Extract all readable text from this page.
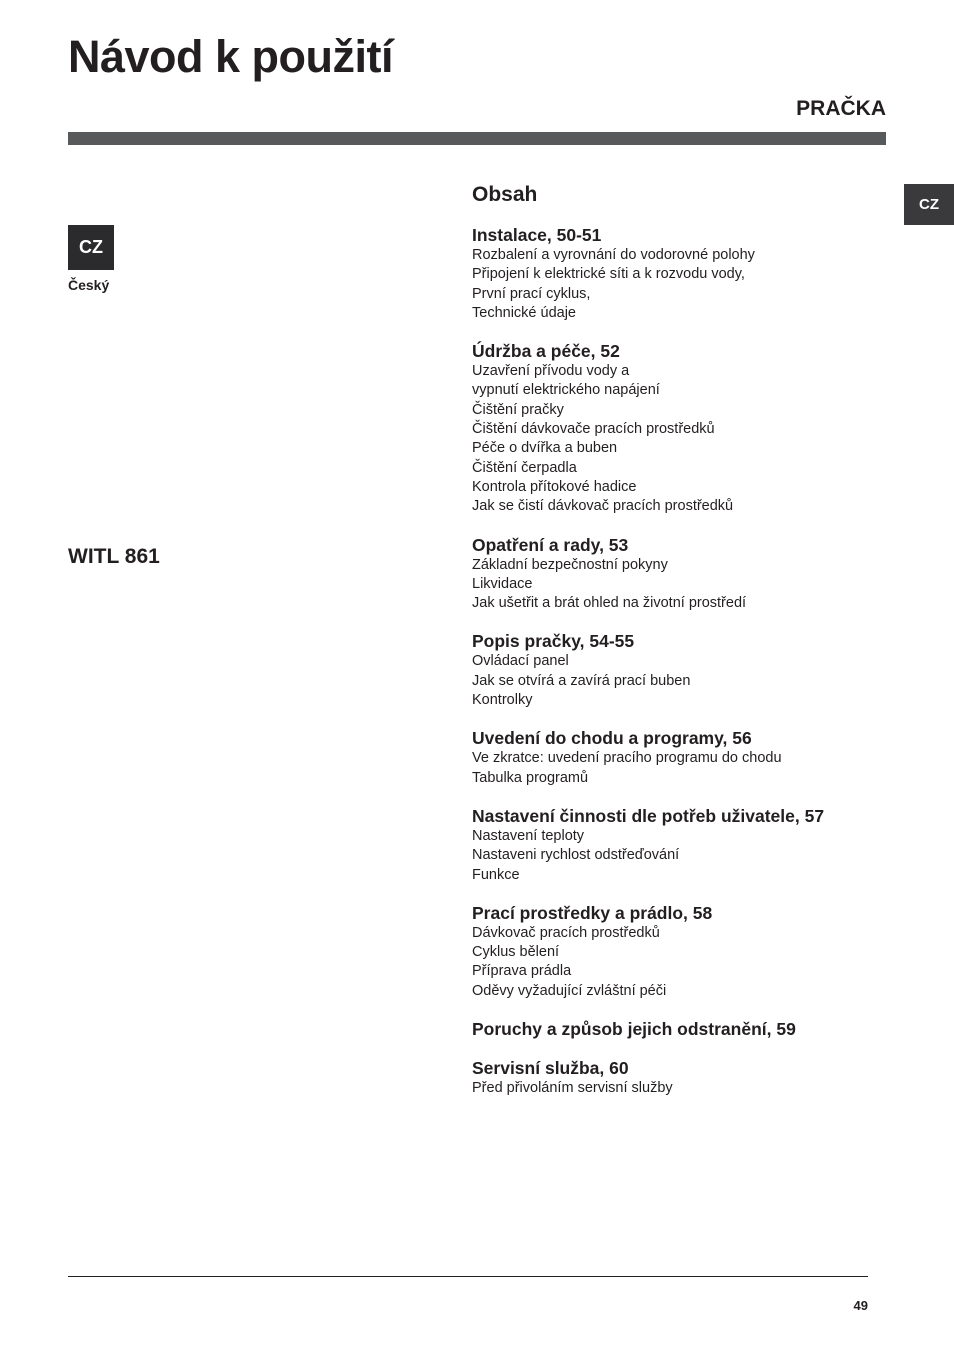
Návod k použití
PRAČKA
CZ
CZ
Český
WITL 861
Obsah
Instalace, 50-51
Rozbalení a vyrovnání do vodorovné polohy
Připojení k elektrické síti a k rozvodu vody,
První prací cyklus,
Technické údaje
Údržba a péče, 52
Uzavření přívodu vody a
vypnutí elektrického napájení
Čištění pračky
Čištění dávkovače pracích prostředků
Péče o dvířka a buben
Čištění čerpadla
Kontrola přítokové hadice
Jak se čistí dávkovač pracích prostředků
Opatření a rady, 53
Základní bezpečnostní pokyny
Likvidace
Jak ušetřit a brát ohled na životní prostředí
Popis pračky, 54-55
Ovládací panel
Jak se otvírá a zavírá prací buben
Kontrolky
Uvedení do chodu a programy, 56
Ve zkratce: uvedení pracího programu do chodu
Tabulka programů
Nastavení činnosti dle potřeb uživatele, 57
Nastavení teploty
Nastaveni rychlost odstřeďování
Funkce
Prací prostředky a prádlo, 58
Dávkovač pracích prostředků
Cyklus bělení
Příprava prádla
Oděvy vyžadující zvláštní péči
Poruchy a způsob jejich odstranění, 59
Servisní služba, 60
Před přivoláním servisní služby
49
